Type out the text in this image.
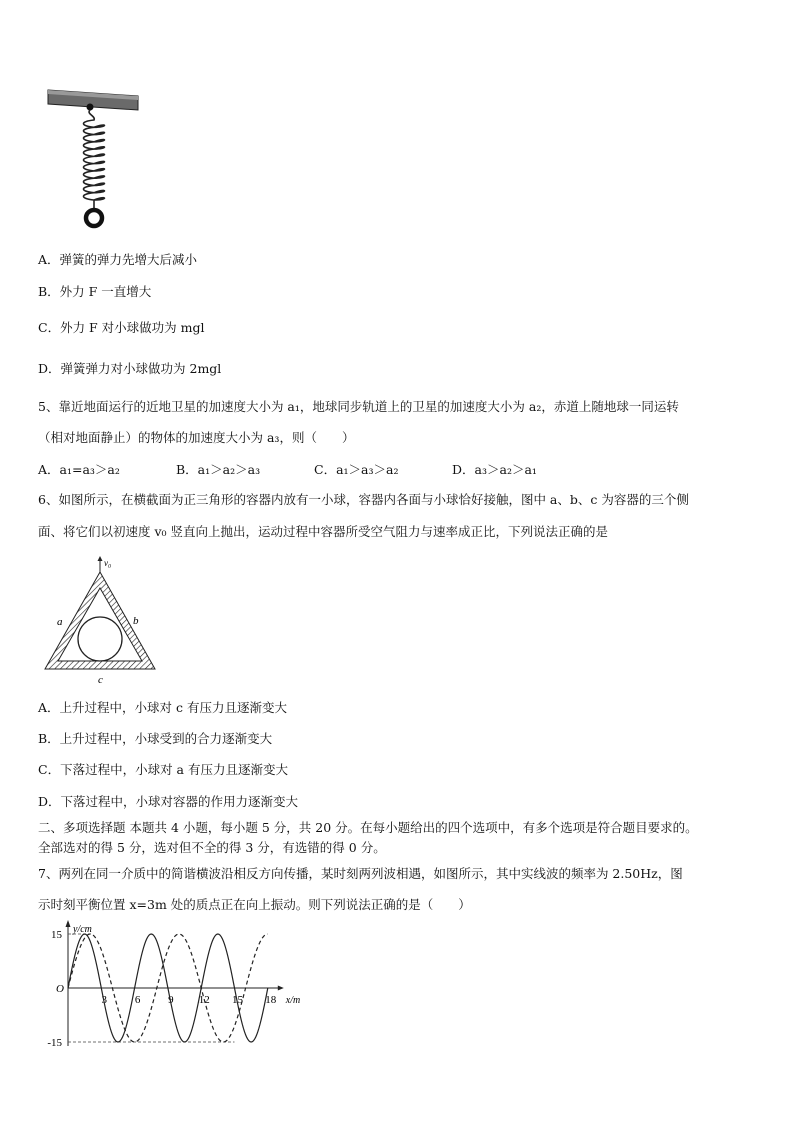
A．弹簧的弹力先增大后减小
B．外力 F 一直增大
C．外力 F 对小球做功为 mgl
D．弹簧弹力对小球做功为 2mgl
5、靠近地面运行的近地卫星的加速度大小为 a₁，地球同步轨道上的卫星的加速度大小为 a₂，赤道上随地球一同运转
（相对地面静止）的物体的加速度大小为 a₃，则（　　）
A．a₁=a₃＞a₂	B．a₁＞a₂＞a₃	C．a₁＞a₃＞a₂	D．a₃＞a₂＞a₁
6、如图所示，在横截面为正三角形的容器内放有一小球，容器内各面与小球恰好接触，图中 a、b、c 为容器的三个侧
面、将它们以初速度 v₀ 竖直向上抛出，运动过程中容器所受空气阻力与速率成正比，下列说法正确的是
v₀
a	b
c
A．上升过程中，小球对 c 有压力且逐渐变大
B．上升过程中，小球受到的合力逐渐变大
C．下落过程中，小球对 a 有压力且逐渐变大
D．下落过程中，小球对容器的作用力逐渐变大
二、多项选择题 本题共 4 小题，每小题 5 分，共 20 分。在每小题给出的四个选项中，有多个选项是符合题目要求的。
全部选对的得 5 分，选对但不全的得 3 分，有选错的得 0 分。
7、两列在同一介质中的简谐横波沿相反方向传播，某时刻两列波相遇，如图所示，其中实线波的频率为 2.50Hz，图
示时刻平衡位置 x=3m 处的质点正在向上振动。则下列说法正确的是（　　）
15
-15
3	6	9 12 15 18
O
y/cm
x/m
